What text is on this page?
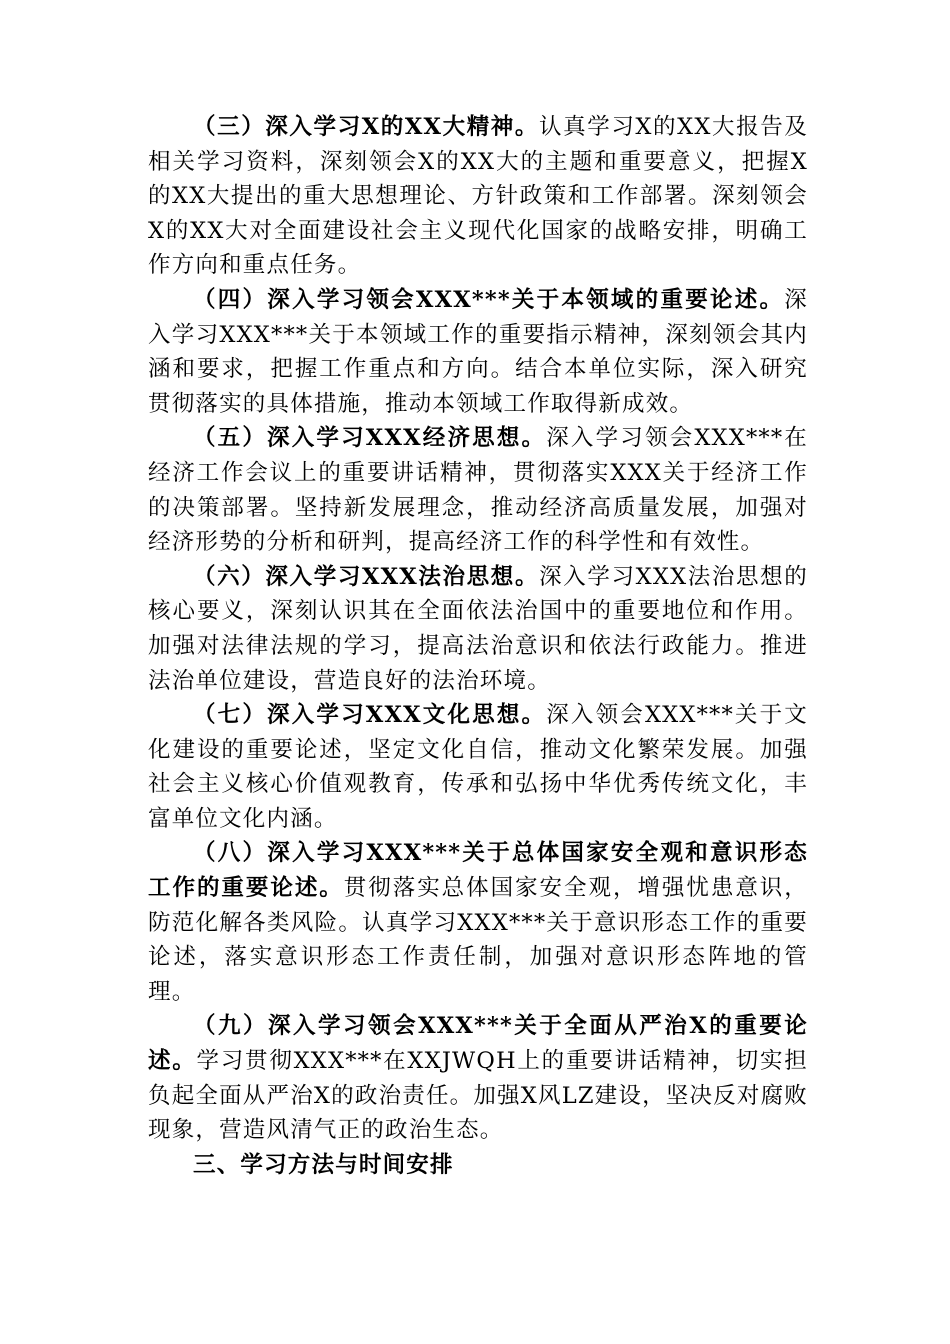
（三）深入学习X的XX大精神。认真学习X的XX大报告及相关学习资料，深刻领会X的XX大的主题和重要意义，把握X的XX大提出的重大思想理论、方针政策和工作部署。深刻领会X的XX大对全面建设社会主义现代化国家的战略安排，明确工作方向和重点任务。

（四）深入学习领会XXX***关于本领域的重要论述。深入学习XXX***关于本领域工作的重要指示精神，深刻领会其内涵和要求，把握工作重点和方向。结合本单位实际，深入研究贯彻落实的具体措施，推动本领域工作取得新成效。

（五）深入学习XXX经济思想。深入学习领会XXX***在经济工作会议上的重要讲话精神，贯彻落实XXX关于经济工作的决策部署。坚持新发展理念，推动经济高质量发展，加强对经济形势的分析和研判，提高经济工作的科学性和有效性。

（六）深入学习XXX法治思想。深入学习XXX法治思想的核心要义，深刻认识其在全面依法治国中的重要地位和作用。加强对法律法规的学习，提高法治意识和依法行政能力。推进法治单位建设，营造良好的法治环境。

（七）深入学习XXX文化思想。深入领会XXX***关于文化建设的重要论述，坚定文化自信，推动文化繁荣发展。加强社会主义核心价值观教育，传承和弘扬中华优秀传统文化，丰富单位文化内涵。

（八）深入学习XXX***关于总体国家安全观和意识形态工作的重要论述。贯彻落实总体国家安全观，增强忧患意识，防范化解各类风险。认真学习XXX***关于意识形态工作的重要论述，落实意识形态工作责任制，加强对意识形态阵地的管理。

（九）深入学习领会XXX***关于全面从严治X的重要论述。学习贯彻XXX***在XXJWQH上的重要讲话精神，切实担负起全面从严治X的政治责任。加强X风LZ建设，坚决反对腐败现象，营造风清气正的政治生态。

三、学习方法与时间安排
